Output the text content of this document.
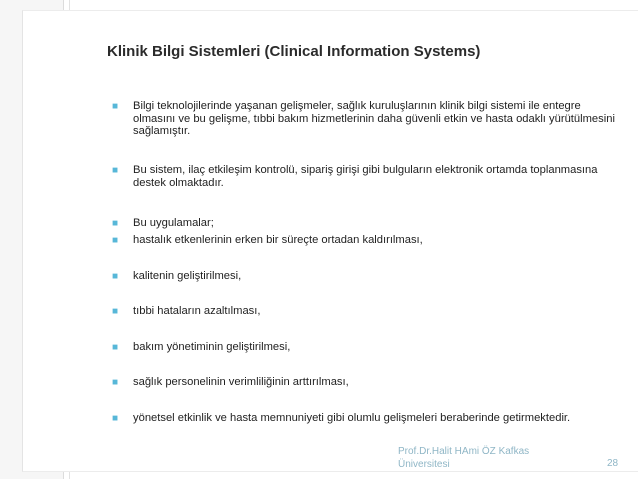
Klinik Bilgi Sistemleri (Clinical Information Systems)
■ Bilgi teknolojilerinde yaşanan gelişmeler, sağlık kuruluşlarının klinik bilgi sistemi ile entegre olmasını ve bu gelişme, tıbbi bakım hizmetlerinin daha güvenli etkin ve hasta odaklı yürütülmesini sağlamıştır.
■ Bu sistem, ilaç etkileşim kontrolü, sipariş girişi gibi bulguların elektronik ortamda toplanmasına destek olmaktadır.
■ Bu uygulamalar;
■ hastalık etkenlerinin erken bir süreçte ortadan kaldırılması,
■ kalitenin geliştirilmesi,
■ tıbbi hataların azaltılması,
■ bakım yönetiminin geliştirilmesi,
■ sağlık personelinin verimliliğinin arttırılması,
■ yönetsel etkinlik ve hasta memnuniyeti gibi olumlu gelişmeleri beraberinde getirmektedir.
Prof.Dr.Halit HAmi ÖZ Kafkas Üniversitesi	28
